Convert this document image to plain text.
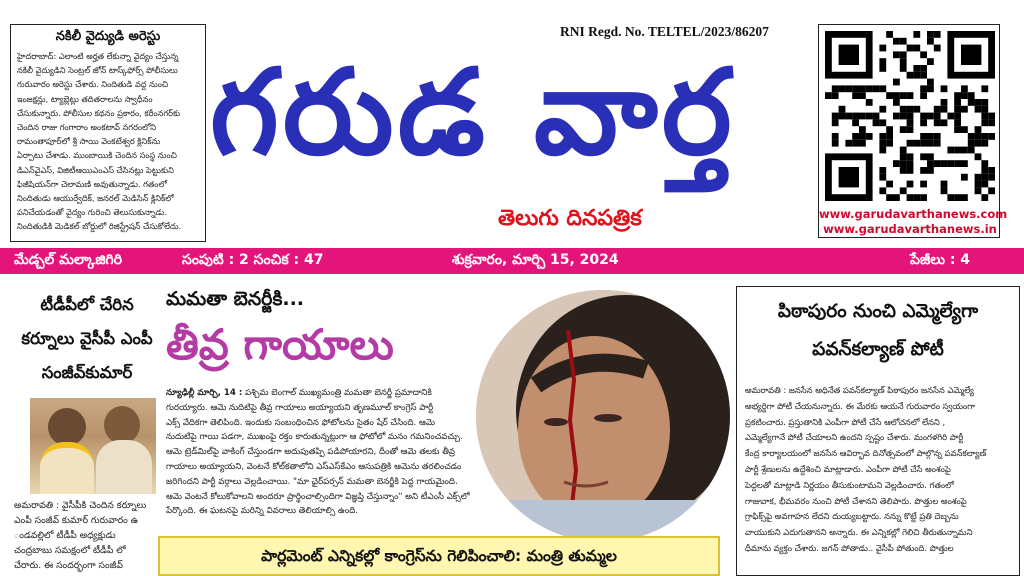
నకిలీ వైద్యుడి అరెస్టు
హైదరాబాద్: ఎలాంటి అర్హత లేకున్నా వైద్యం చేస్తున్న
నకిలీ వైద్యుడిని సెంట్రల్ జోన్ టాస్క్‌ఫోర్స్ పోలీసులు
గురువారం అరెస్టు చేశారు. నిందితుడి వద్ద నుంచి
ఇంజక్షన్లు, ట్యాబ్లెట్లు తదితరాలను స్వాధీనం
చేసుకున్నారు. పోలీసుల కథనం ప్రకారం, కరీంనగర్‌కు
చెందిన రాజు గంగారాం అంకటావ్ నగరంలోని
రామంతాపూర్‌లో శ్రీ సాయి వెంకటేశ్వర క్లినిక్‌ను
ఏర్పాటు చేశాడు. ముంబాయికి చెందిన సంస్థ నుంచి
డిఎన్‌వైఎస్, విజిటీఆయిఎంఎస్ చేసినట్లు పెట్టుకుని
ఫిజీషియన్‌గా చెలామణి అవుతున్నాడు. గతంలో
నిందితుడు ఆయుర్వేదిక్, జనరల్ మెడిసిన్ క్లినిక్‌లో
పనిచేయడంతో వైద్యం గురించి తెలుసుకున్నాడు.
నిందితుడికి మెడికల్ బోర్డులో రిజిస్ట్రేషన్ చేసుకోలేదు.
RNI Regd. No. TELTEL/2023/86207
గరుడ వార్త
తెలుగు దినపత్రిక	www.garudavarthanews.com
www.garudavarthanews.in
మేడ్చల్ మల్కాజిగిరి	సంపుటి : 2 సంచిక : 47	శుక్రవారం, మార్చి 15, 2024	పేజీలు : 4
టీడీపీలో చేరిన
కర్నూలు వైసీపీ ఎంపీ
సంజీవ్‌కుమార్
అమరావతి : వైసీపీకి చెందిన కర్నూలు
ఎంపీ సంజీవ్ కుమార్ గురువారం ఉ
ండవల్లిలో టీడీపీ అధ్యక్షుడు
చంద్రబాబు సమక్షంలో టీడీపీ లో
చేరారు. ఈ సందర్భంగా సంజీవ్
మమతా బెనర్జీకి...
తీవ్ర గాయాలు
న్యూఢిల్లీ మార్చి, 14 : పశ్చిమ బెంగాల్ ముఖ్యమంత్రి మమతా బెనర్జీ ప్రమాదానికి
గురయ్యారు. ఆమె నుదిటిపై తీవ్ర గాయాలు అయ్యాయని తృణమూల్ కాంగ్రెస్ పార్టీ
ఎక్స్ వేదికగా తెలిపింది. ఇందుకు సంబంధించిన ఫోటోలను సైతం షేర్ చేసింది. ఆమె
నుదుటిపై గాయి పడగా, ముఖంపై రక్తం కారుతున్నట్లుగా ఆ ఫోటోలో మనం గమనించవచ్చు.
ఆమె ట్రెడ్‌మిల్‌పై వాకింగ్ చేస్తుండగా అదుపుతప్పి పడిపోయారని, దీంతో ఆమె తలకు తీవ్ర
గాయాలు అయ్యాయని, వెంటనే కోల్‌కతాలోని ఎస్ఎస్‌కేఎం ఆసుపత్రికి ఆమెను తరలించడం
జరిగిందని పార్టీ వర్గాలు వెల్లడించాయి. "మా ఛైర్‌పర్సన్ మమతా బెనర్జీకి పెద్ద గాయమైంది.
ఆమె వెంటనే కోలుకోవాలని అందరూ ప్రార్థించాల్సిందిగా విజ్ఞప్తి చేస్తున్నాం" అని టీఎంసీ ఎక్స్‌లో
పేర్కొంది. ఈ ఘటనపై మరిన్ని వివరాలు తెలియాల్సి ఉంది.
పిఠాపురం నుంచి ఎమ్మెల్యేగా
పవన్‌కల్యాణ్ పోటీ
అమరావతి : జనసేన అధినేత పవన్‌కల్యాణ్ పిఠాపురం జనసేన ఎమ్మెల్యే
అభ్యర్థిగా పోటీ చేయనున్నారు. ఈ మేరకు ఆయనే గురువారం స్వయంగా
ప్రకటించారు. ప్రస్తుతానికి ఎంపీగా పోటీ చేసే ఆలోచనలో లేనని ,
ఎమ్మెల్యేగానే పోటీ చేయాలని ఉందని స్పష్టం చేశారు. మంగళగిరి పార్టీ
కేంద్ర కార్యాలయంలో జనసేన ఆవిర్భావ దినోత్సవంలో పాల్గొన్న పవన్‌కల్యాణ్
పార్టీ శ్రేణులను ఉద్దేశించి మాట్లాడారు. ఎంపీగా పోటీ చేసే అంశంపై
పెద్దలతో మాట్లాడి నిర్ణయం తీసుకుంటామని వెల్లడించారు. గతంలో
గాజువాక, భీమవరం నుంచి పోటీ చేశానని తెలిపారు. పొత్తుల అంశంపై
గ్రాఫిక్స్‌పై అవగాహన లేదని దుయ్యబట్టారు. నన్ను కొట్టే ప్రతి దెబ్బను
వాయుకుని ఎదుగుతానని అన్నారు. ఈ ఎన్నికల్లో గెలిచి తీరుతున్నామని
ధీమాను వ్యక్తం చేశారు. జగన్ పోతాడు.. వైసీపీ పోతుంది. పొత్తుల
పార్లమెంట్ ఎన్నికల్లో కాంగ్రెస్‌ను గెలిపించాలి: మంత్రి తుమ్మల
